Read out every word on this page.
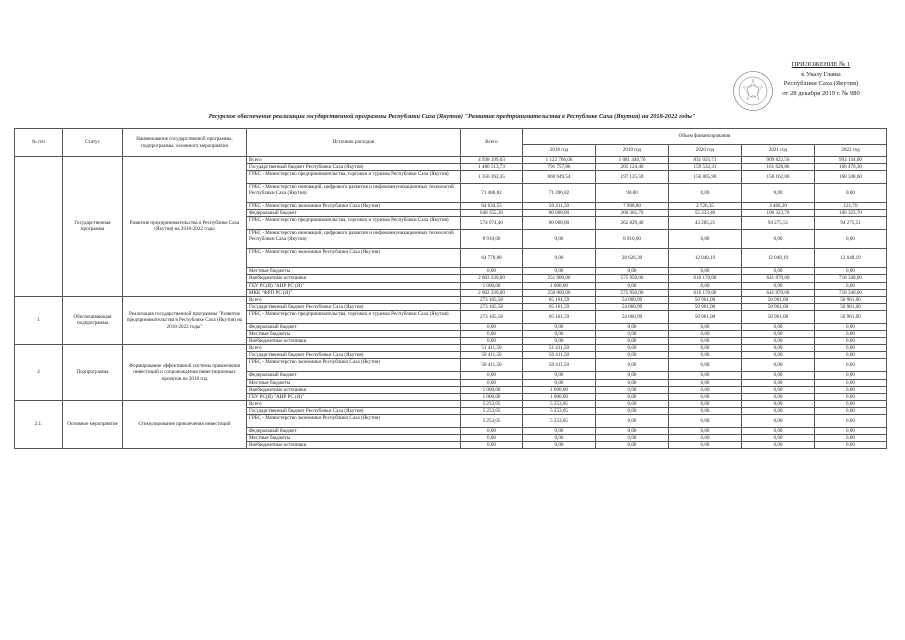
ПРИЛОЖЕНИЕ № 1
к Указу Главы
Республики Саха (Якутия)
от 28 декабря 2019 г. № 980
Ресурсное обеспечение реализации государственной программы Республики Саха (Якутия) "Развитие предпринимательства в Республике Саха (Якутия) на 2018-2022 годы"
№ п/п	Статус	Наименование государственной программы, подпрограммы, основного мероприятия	Источник расходов	Всего	Объем финансирования				
					2018 год	2019 год	2020 год	2021 год	2022 год
	Государственная программа	Развитие предпринимательства в Республике Саха (Якутия) на 2018-2022 годы	Всего	4 938 199,03	1 122 766,06	1 081 440,70	831 035,71	909 822,56	993 134,00
			Государственный бюджет Республики Саха (Якутия)	1 486 513,73	791 757,86	205 124,40	159 532,31	161 628,86	168 470,30
			ГРБС - Министерство предпринимательства, торговли и туризма Республики Саха (Якутия)	1 350 392,35	669 949,54	197 125,59	156 805,96	158 162,66	168 348,60
			ГРБС - Министерство инноваций, цифрового развития и инфокоммуникационных технологий Республики Саха (Якутия)	71 486,82	71 396,82	90,00	0,00	0,00	0,00
			ГРБС - Министерство экономики Республики Саха (Якутия)	64 634,55	50 411,50	7 908,80	2 726,35	3 466,20	121,70
			Федеральный бюджет	648 355,30	80 008,80	300 365,70	55 333,40	106 323,70	106 323,70
			ГРБС - Министерство предпринимательства, торговли и туризма Республики Саха (Якутия)	574 674,40	80 008,80	262 829,40	43 285,21	94 275,51	94 275,51
			ГРБС - Министерство инноваций, цифрового развития и инфокоммуникационных технологий Республики Саха (Якутия)	8 910,00	0,00	8 910,00	0,00	0,00	0,00
			ГРБС - Министерство экономики Республики Саха (Якутия)	64 770,88	0,00	28 626,30	12 048,19	12 048,19	12 048,19
			Местные бюджеты	0,00	0,00	0,00	0,00	0,00	0,00
			Внебюджетные источники	2 803 330,00	251 000,00	575 950,00	616 170,00	641 870,00	718 340,00
			ГБУ РС(Я) "АИР РС (Я)"	1 000,00	1 000,00	0,00	0,00	0,00	0,00
			МКК "ФРП РС (Я)"	2 802 330,00	250 000,00	575 950,00	616 170,00	641 870,00	718 340,00
1	Обеспечивающая подпрограмма	Реализация государственной программы "Развитие предпринимательства в Республике Саха (Якутия) на 2018-2022 годы"	Всего	273 105,58	65 161,59	54 060,99	50 961,00	50 961,00	50 961,00
			Государственный бюджет Республики Саха (Якутия)	273 105,58	65 161,59	54 060,99	50 961,00	50 961,00	50 961,00
			ГРБС - Министерство предпринимательства, торговли и туризма Республики Саха (Якутия)	273 105,58	65 161,59	54 060,99	50 961,00	50 961,00	50 961,00
			Федеральный бюджет	0,00	0,00	0,00	0,00	0,00	0,00
			Местные бюджеты	0,00	0,00	0,00	0,00	0,00	0,00
			Внебюджетные источники	0,00	0,00	0,00	0,00	0,00	0,00
2	Подпрограмма	Формирование эффективной системы привлечения инвестиций и сопровождения инвестиционных проектов на 2018 год	Всего	51 411,50	51 411,50	0,00	0,00	0,00	0,00
			Государственный бюджет Республики Саха (Якутия)	50 411,50	50 411,50	0,00	0,00	0,00	0,00
			ГРБС - Министерство экономики Республики Саха (Якутия)	50 411,50	50 411,50	0,00	0,00	0,00	0,00
			Федеральный бюджет	0,00	0,00	0,00	0,00	0,00	0,00
			Местные бюджеты	0,00	0,00	0,00	0,00	0,00	0,00
			Внебюджетные источники	1 000,00	1 000,00	0,00	0,00	0,00	0,00
			ГБУ РС(Я) "АИР РС (Я)"	1 000,00	1 000,00	0,00	0,00	0,00	0,00
2.1.	Основное мероприятие	Стимулирование привлечения инвестиций	Всего	5 253,05	5 253,05	0,00	0,00	0,00	0,00
			Государственный бюджет Республики Саха (Якутия)	5 253,05	5 253,05	0,00	0,00	0,00	0,00
			ГРБС - Министерство экономики Республики Саха (Якутия)	5 253,05	5 253,05	0,00	0,00	0,00	0,00
			Федеральный бюджет	0,00	0,00	0,00	0,00	0,00	0,00
			Местные бюджеты	0,00	0,00	0,00	0,00	0,00	0,00
			Внебюджетные источники	0,00	0,00	0,00	0,00	0,00	0,00
